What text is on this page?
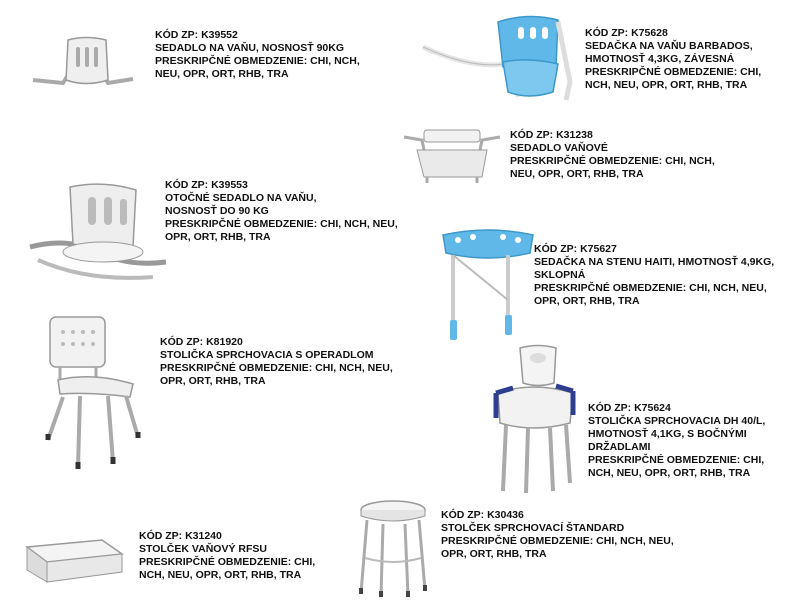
KÓD ZP: K39552
SEDADLO NA VAŇU, NOSNOSŤ 90KG
PRESKRIPČNÉ OBMEDZENIE: CHI, NCH,
NEU, OPR, ORT, RHB, TRA
KÓD ZP: K75628
SEDAČKA NA VAŇU BARBADOS,
HMOTNOSŤ 4,3KG, ZÁVESNÁ
PRESKRIPČNÉ OBMEDZENIE: CHI,
NCH, NEU, OPR, ORT, RHB, TRA
KÓD ZP: K31238
SEDADLO VAŇOVÉ
PRESKRIPČNÉ OBMEDZENIE: CHI, NCH,
NEU, OPR, ORT, RHB, TRA
KÓD ZP: K39553
OTOČNÉ SEDADLO NA VAŇU,
NOSNOSŤ DO 90 KG
PRESKRIPČNÉ OBMEDZENIE: CHI, NCH, NEU,
OPR, ORT, RHB, TRA
KÓD ZP: K75627
SEDAČKA NA STENU HAITI, HMOTNOSŤ 4,9KG,
SKLOPNÁ
PRESKRIPČNÉ OBMEDZENIE: CHI, NCH, NEU,
OPR, ORT, RHB, TRA
KÓD ZP: K81920
STOLIČKA SPRCHOVACIA S OPERADLOM
PRESKRIPČNÉ OBMEDZENIE: CHI, NCH, NEU,
OPR, ORT, RHB, TRA
KÓD ZP: K75624
STOLIČKA SPRCHOVACIA DH 40/L,
HMOTNOSŤ 4,1KG, S BOČNÝMI
DRŽADLAMI
PRESKRIPČNÉ OBMEDZENIE: CHI,
NCH, NEU, OPR, ORT, RHB, TRA
KÓD ZP: K31240
STOLČEK VAŇOVÝ RFSU
PRESKRIPČNÉ OBMEDZENIE: CHI,
NCH, NEU, OPR, ORT, RHB, TRA
KÓD ZP: K30436
STOLČEK SPRCHOVACÍ ŠTANDARD
PRESKRIPČNÉ OBMEDZENIE: CHI, NCH, NEU,
OPR, ORT, RHB, TRA
